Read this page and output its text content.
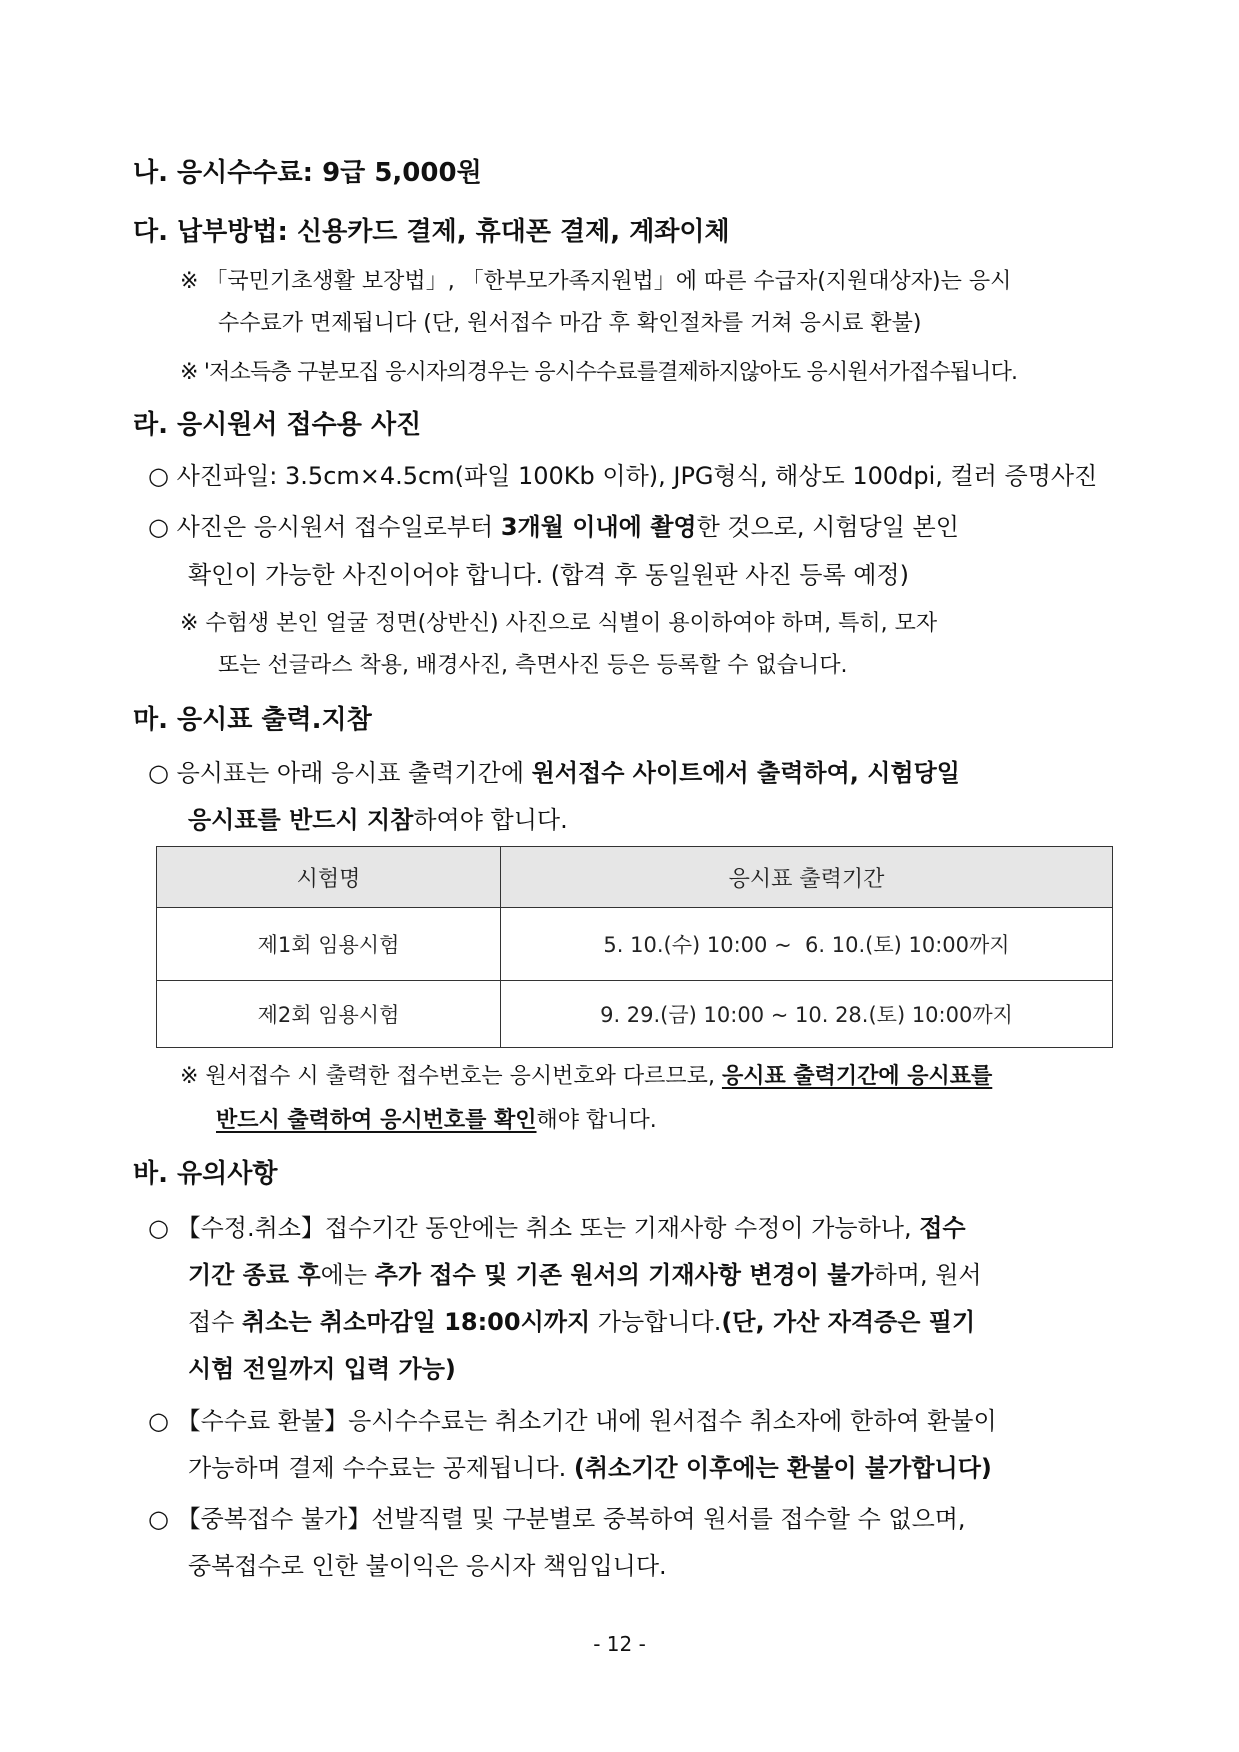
나. 응시수수료: 9급 5,000원
다. 납부방법: 신용카드 결제, 휴대폰 결제, 계좌이체
※ 「국민기초생활 보장법」, 「한부모가족지원법」에 따른 수급자(지원대상자)는 응시
수수료가 면제됩니다 (단, 원서접수 마감 후 확인절차를 거쳐 응시료 환불)
※ '저소득층 구분모집 응시자의경우는 응시수수료를결제하지않아도 응시원서가접수됩니다.
라. 응시원서 접수용 사진
○ 사진파일: 3.5cm×4.5cm(파일 100Kb 이하), JPG형식, 해상도 100dpi, 컬러 증명사진
○ 사진은 응시원서 접수일로부터 3개월 이내에 촬영한 것으로, 시험당일 본인
확인이 가능한 사진이어야 합니다. (합격 후 동일원판 사진 등록 예정)
※ 수험생 본인 얼굴 정면(상반신) 사진으로 식별이 용이하여야 하며, 특히, 모자
또는 선글라스 착용, 배경사진, 측면사진 등은 등록할 수 없습니다.
마. 응시표 출력.지참
○ 응시표는 아래 응시표 출력기간에 원서접수 사이트에서 출력하여, 시험당일
응시표를 반드시 지참하여야 합니다.
시험명	응시표 출력기간
제1회 임용시험	5. 10.(수) 10:00 ~  6. 10.(토) 10:00까지
제2회 임용시험	9. 29.(금) 10:00 ~ 10. 28.(토) 10:00까지
※ 원서접수 시 출력한 접수번호는 응시번호와 다르므로, 응시표 출력기간에 응시표를
반드시 출력하여 응시번호를 확인해야 합니다.
바. 유의사항
○ 【수정.취소】접수기간 동안에는 취소 또는 기재사항 수정이 가능하나, 접수
기간 종료 후에는 추가 접수 및 기존 원서의 기재사항 변경이 불가하며, 원서
접수 취소는 취소마감일 18:00시까지 가능합니다.(단, 가산 자격증은 필기
시험 전일까지 입력 가능)
○ 【수수료 환불】응시수수료는 취소기간 내에 원서접수 취소자에 한하여 환불이
가능하며 결제 수수료는 공제됩니다. (취소기간 이후에는 환불이 불가합니다)
○ 【중복접수 불가】선발직렬 및 구분별로 중복하여 원서를 접수할 수 없으며,
중복접수로 인한 불이익은 응시자 책임입니다.
- 12 -
